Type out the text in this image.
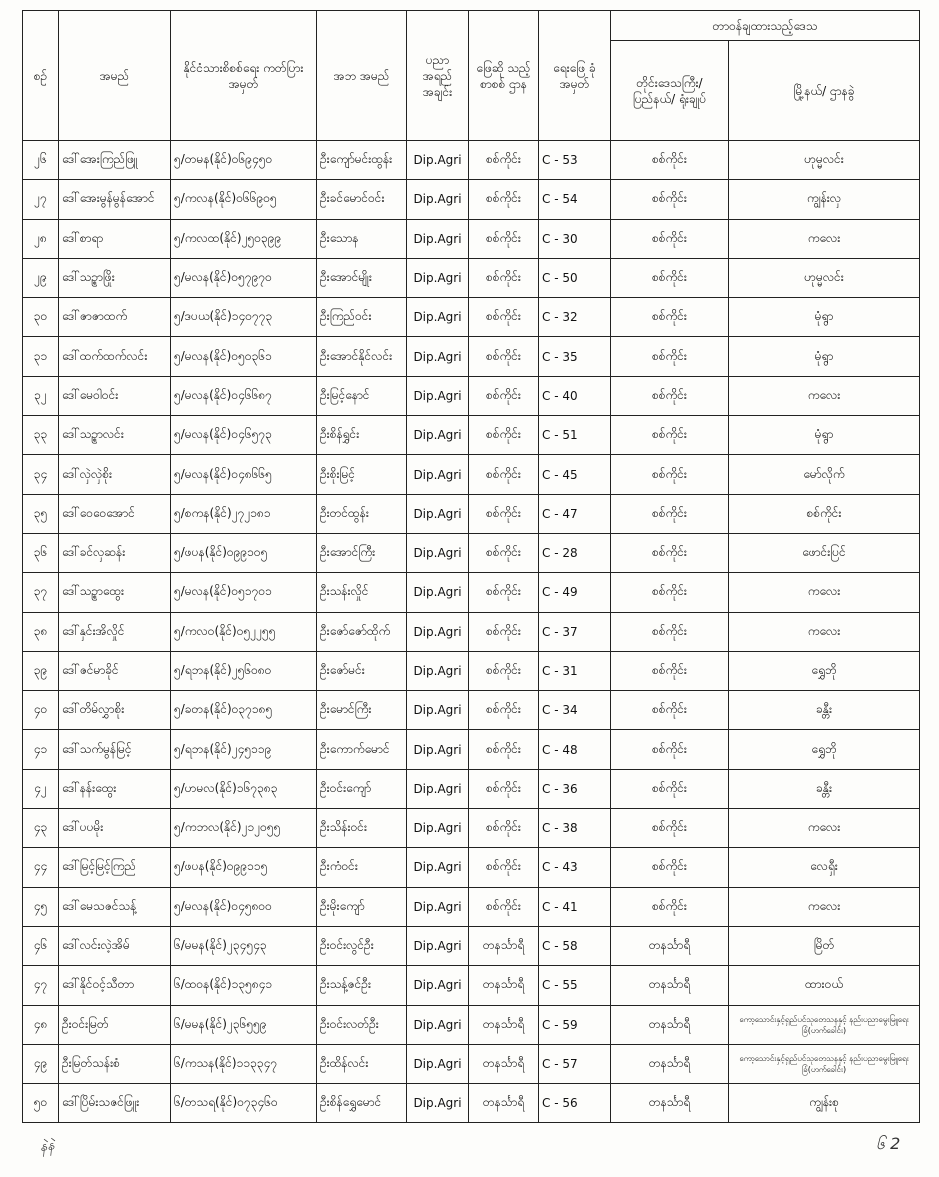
စဉ်	အမည်	နိုင်ငံသားစိစစ်ရေး ကတ်ပြားအမှတ်	အဘ အမည်	ပညာ အရည် အချင်း	ဖြေဆို သည့် စာစစ် ဌာန	ရေးဖြေ ခုံအမှတ်	တာဝန်ချထားသည့်ဒေသ	
							တိုင်းဒေသကြီး/ ပြည်နယ်/ ရုံးချုပ်	မြို့နယ်/ ဌာနခွဲ
၂၆	ဒေါ်အေးကြည်ဖြူ	၅/တမန(နိုင်)၀၆၉၄၅၀	ဦးကျော်မင်းထွန်း	Dip.Agri	စစ်ကိုင်း	C - 53	စစ်ကိုင်း	ဟုမ္မလင်း
၂၇	ဒေါ်အေးမွန်မွန်အောင်	၅/ကလန(နိုင်)၀၆၆၉၀၅	ဦးခင်မောင်ဝင်း	Dip.Agri	စစ်ကိုင်း	C - 54	စစ်ကိုင်း	ကျွန်းလှ
၂၈	ဒေါ်စာရာ	၅/ကလထ(နိုင်)၂၅၀၃၉၉	ဦးသောန	Dip.Agri	စစ်ကိုင်း	C - 30	စစ်ကိုင်း	ကလေး
၂၉	ဒေါ်သဥ္စာဖြိုး	၅/မလန(နိုင်)၀၅၇၉၇၀	ဦးအောင်မျိုး	Dip.Agri	စစ်ကိုင်း	C - 50	စစ်ကိုင်း	ဟုမ္မလင်း
၃၀	ဒေါ်ဇာဇာထက်	၅/ဒပယ(နိုင်)၁၄၀၇၇၃	ဦးကြည်ဝင်း	Dip.Agri	စစ်ကိုင်း	C - 32	စစ်ကိုင်း	မုံရွာ
၃၁	ဒေါ်ထက်ထက်လင်း	၅/မလန(နိုင်)၀၅၀၃၆၁	ဦးအောင်နိုင်လင်း	Dip.Agri	စစ်ကိုင်း	C - 35	စစ်ကိုင်း	မုံရွာ
၃၂	ဒေါ်မေဝါဝင်း	၅/မလန(နိုင်)၀၄၆၆၈၇	ဦးမြင့်နောင်	Dip.Agri	စစ်ကိုင်း	C - 40	စစ်ကိုင်း	ကလေး
၃၃	ဒေါ်သဥ္စာလင်း	၅/မလန(နိုင်)၀၄၆၅၇၃	ဦးစိန်ရွှင်း	Dip.Agri	စစ်ကိုင်း	C - 51	စစ်ကိုင်း	မုံရွာ
၃၄	ဒေါ်လှဲလှဲစိုး	၅/မလန(နိုင်)၀၄၈၆၆၅	ဦးစိုးမြင့်	Dip.Agri	စစ်ကိုင်း	C - 45	စစ်ကိုင်း	မော်လိုက်
၃၅	ဒေါ်ဝေဝေအောင်	၅/စကန(နိုင်)၂၇၂၁၈၁	ဦးတင်ထွန်း	Dip.Agri	စစ်ကိုင်း	C - 47	စစ်ကိုင်း	စစ်ကိုင်း
၃၆	ဒေါ်ခင်လှဆန်း	၅/ဖပန(နိုင်)၀၉၉၁၀၅	ဦးအောင်ကြီး	Dip.Agri	စစ်ကိုင်း	C - 28	စစ်ကိုင်း	ဖောင်းပြင်
၃၇	ဒေါ်သဥ္စာထွေး	၅/မလန(နိုင်)၀၅၁၇၀၁	ဦးသန်းလှိုင်	Dip.Agri	စစ်ကိုင်း	C - 49	စစ်ကိုင်း	ကလေး
၃၈	ဒေါ်နှင်းအိလှိုင်	၅/ကလဝ(နိုင်)၀၅၂၂၅၅	ဦးဇော်ဇော်ထိုက်	Dip.Agri	စစ်ကိုင်း	C - 37	စစ်ကိုင်း	ကလေး
၃၉	ဒေါ်ဇင်မာခိုင်	၅/ရဘန(နိုင်)၂၅၆၀၈၀	ဦးဇော်မင်း	Dip.Agri	စစ်ကိုင်း	C - 31	စစ်ကိုင်း	ရွှေဘို
၄၀	ဒေါ်တိမ်လွှာစိုး	၅/ခတန(နိုင်)၀၃၇၁၈၅	ဦးမောင်ကြီး	Dip.Agri	စစ်ကိုင်း	C - 34	စစ်ကိုင်း	ခန္တီး
၄၁	ဒေါ်သက်မွန်မြင့်	၅/ရဘန(နိုင်)၂၄၅၁၁၉	ဦးကောက်မောင်	Dip.Agri	စစ်ကိုင်း	C - 48	စစ်ကိုင်း	ရွှေဘို
၄၂	ဒေါ်နန်းထွေး	၅/ဟမလ(နိုင်)၁၆၇၃၈၃	ဦးဝင်းကျော်	Dip.Agri	စစ်ကိုင်း	C - 36	စစ်ကိုင်း	ခန္တီး
၄၃	ဒေါ်ပပမိုး	၅/ကဘလ(နိုင်)၂၁၂၀၅၅	ဦးသိန်းဝင်း	Dip.Agri	စစ်ကိုင်း	C - 38	စစ်ကိုင်း	ကလေး
၄၄	ဒေါ်မြင့်မြင့်ကြည်	၅/ဖပန(နိုင်)၀၉၉၁၁၅	ဦးကံဝင်း	Dip.Agri	စစ်ကိုင်း	C - 43	စစ်ကိုင်း	လေရှီး
၄၅	ဒေါ်မေသဇင်သန့်	၅/မလန(နိုင်)၀၄၅၈၀၀	ဦးမိုးကျော်	Dip.Agri	စစ်ကိုင်း	C - 41	စစ်ကိုင်း	ကလေး
၄၆	ဒေါ်လင်းလဲ့အိမ်	၆/မမန(နိုင်)၂၃၄၅၄၃	ဦးဝင်းလွင်ဦး	Dip.Agri	တနင်္သာရီ	C - 58	တနင်္သာရီ	မြိတ်
၄၇	ဒေါ်နိုင်ဝင့်သီတာ	၆/ထဝန(နိုင်)၁၃၅၈၄၁	ဦးသန့်ဇင်ဦး	Dip.Agri	တနင်္သာရီ	C - 55	တနင်္သာရီ	ထားဝယ်
၄၈	ဦးဝင်းမြတ်	၆/မမန(နိုင်)၂၃၆၅၅၉	ဦးဝင်းလတ်ဦး	Dip.Agri	တနင်္သာရီ	C - 59	တနင်္သာရီ	ကော့သောင်းနှင့်ရှည်ပင်သုတေသနနှင့် နည်းပညာမွေးမြူရေးခြံ(ဟက်ခေါင်း)
၄၉	ဦးမြတ်သန်းစံ	၆/ကသန(နိုင်)၁၁၃၃၄၇	ဦးထိန်လင်း	Dip.Agri	တနင်္သာရီ	C - 57	တနင်္သာရီ	ကော့သောင်းနှင့်ရှည်ပင်သုတေသနနှင့် နည်းပညာမွေးမြူရေးခြံ(ဟက်ခေါင်း)
၅၀	ဒေါ်ပြိမ်းသဇင်ဖြူး	၆/တသရ(နိုင်)၀၇၃၄၆၀	ဦးစိန်ရွှေမောင်	Dip.Agri	တနင်္သာရီ	C - 56	တနင်္သာရီ	ကျွန်းစု
နဲနဲ	၆ 2
